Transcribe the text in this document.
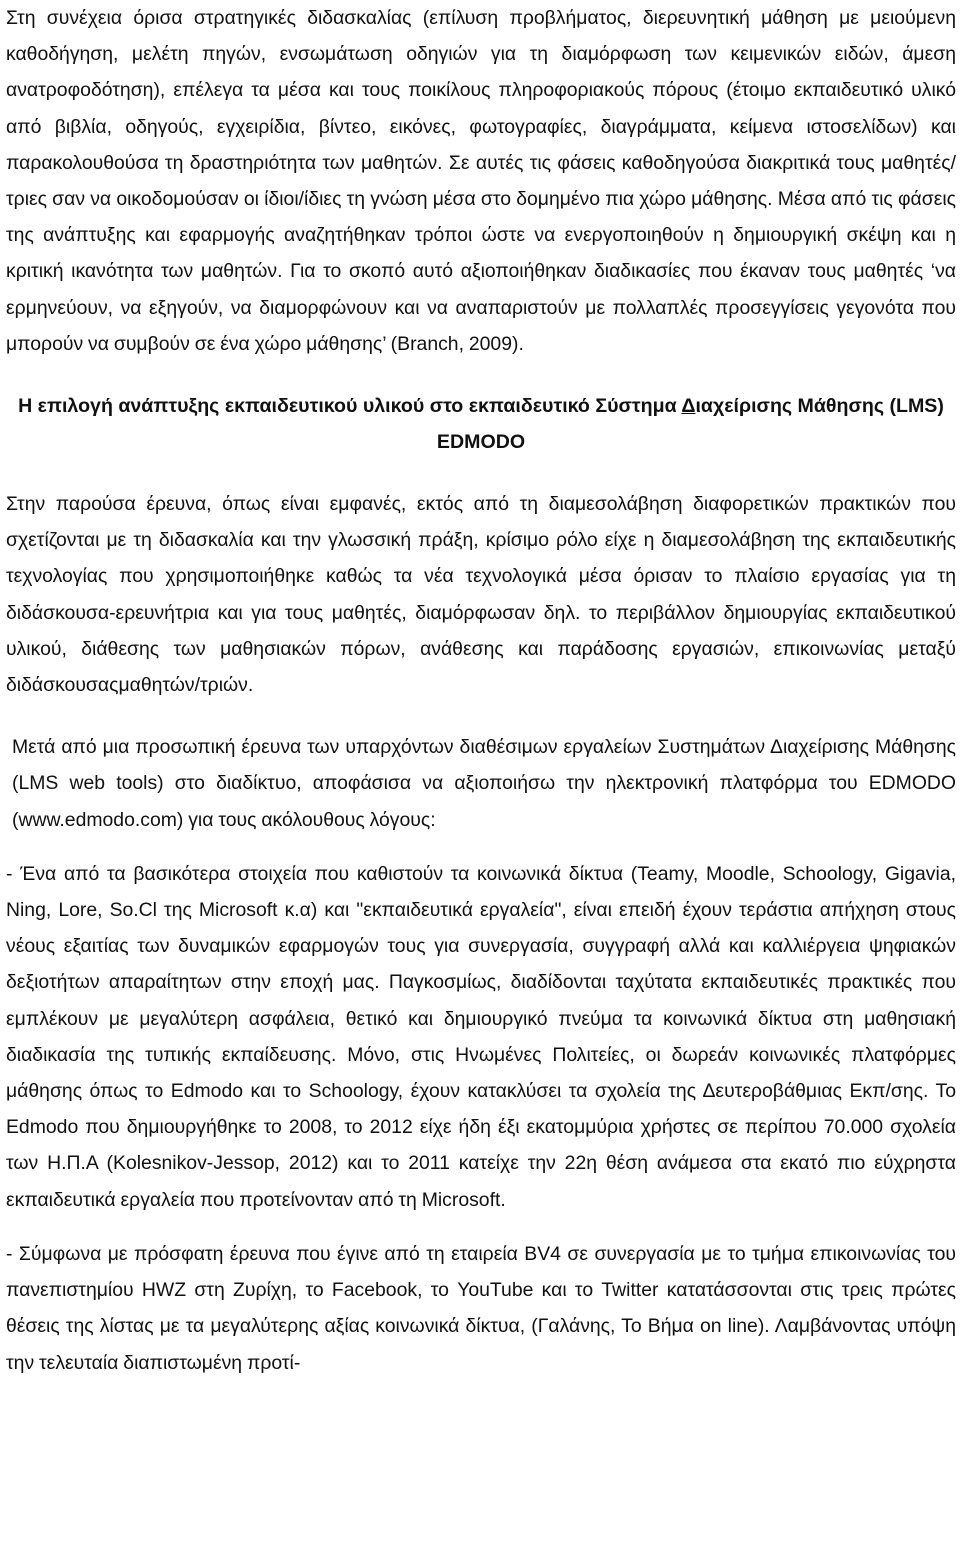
Στη συνέχεια όρισα στρατηγικές διδασκαλίας (επίλυση προβλήματος, διερευνητική μάθηση με μειούμενη καθοδήγηση, μελέτη πηγών, ενσωμάτωση οδηγιών για τη διαμόρφωση των κειμενικών ειδών, άμεση ανατροφοδότηση), επέλεγα τα μέσα και τους ποικίλους πληροφοριακούς πόρους (έτοιμο εκπαιδευτικό υλικό από βιβλία, οδηγούς, εγχειρίδια, βίντεο, εικόνες, φωτογραφίες, διαγράμματα, κείμενα ιστοσελίδων) και παρακολουθούσα τη δραστηριότητα των μαθητών. Σε αυτές τις φάσεις καθοδηγούσα διακριτικά τους μαθητές/τριες σαν να οικοδομούσαν οι ίδιοι/ίδιες τη γνώση μέσα στο δομημένο πια χώρο μάθησης. Μέσα από τις φάσεις της ανάπτυξης και εφαρμογής αναζητήθηκαν τρόποι ώστε να ενεργοποιηθούν η δημιουργική σκέψη και η κριτική ικανότητα των μαθητών. Για το σκοπό αυτό αξιοποιήθηκαν διαδικασίες που έκαναν τους μαθητές ‘να ερμηνεύουν, να εξηγούν, να διαμορφώνουν και να αναπαριστούν με πολλαπλές προσεγγίσεις γεγονότα που μπορούν να συμβούν σε ένα χώρο μάθησης’ (Branch, 2009).

Η επιλογή ανάπτυξης εκπαιδευτικού υλικού στο εκπαιδευτικό Σύστημα Διαχείρισης Μάθησης (LMS) EDMODO

Στην παρούσα έρευνα, όπως είναι εμφανές, εκτός από τη διαμεσολάβηση διαφορετικών πρακτικών που σχετίζονται με τη διδασκαλία και την γλωσσική πράξη, κρίσιμο ρόλο είχε η διαμεσολάβηση της εκπαιδευτικής τεχνολογίας που χρησιμοποιήθηκε καθώς τα νέα τεχνολογικά μέσα όρισαν το πλαίσιο εργασίας για τη διδάσκουσα-ερευνήτρια και για τους μαθητές, διαμόρφωσαν δηλ. το περιβάλλον δημιουργίας εκπαιδευτικού υλικού, διάθεσης των μαθησιακών πόρων, ανάθεσης και παράδοσης εργασιών, επικοινωνίας μεταξύ διδάσκουσαςμαθητών/τριών.

Μετά από μια προσωπική έρευνα των υπαρχόντων διαθέσιμων εργαλείων Συστημάτων Διαχείρισης Μάθησης (LMS web tools) στο διαδίκτυο, αποφάσισα να αξιοποιήσω την ηλεκτρονική πλατφόρμα του EDMODO (www.edmodo.com) για τους ακόλουθους λόγους:

- Ένα από τα βασικότερα στοιχεία που καθιστούν τα κοινωνικά δίκτυα (Teamy, Moodle, Schoology, Gigavia, Ning, Lore, So.Cl της Microsoft κ.α) και "εκπαιδευτικά εργαλεία", είναι επειδή έχουν τεράστια απήχηση στους νέους εξαιτίας των δυναμικών εφαρμογών τους για συνεργασία, συγγραφή αλλά και καλλιέργεια ψηφιακών δεξιοτήτων απαραίτητων στην εποχή μας. Παγκοσμίως, διαδίδονται ταχύτατα εκπαιδευτικές πρακτικές που εμπλέκουν με μεγαλύτερη ασφάλεια, θετικό και δημιουργικό πνεύμα τα κοινωνικά δίκτυα στη μαθησιακή διαδικασία της τυπικής εκπαίδευσης. Μόνο, στις Ηνωμένες Πολιτείες, οι δωρεάν κοινωνικές πλατφόρμες μάθησης όπως το Edmodo και το Schoology, έχουν κατακλύσει τα σχολεία της Δευτεροβάθμιας Εκπ/σης. Το Edmodo που δημιουργήθηκε το 2008, το 2012 είχε ήδη έξι εκατομμύρια χρήστες σε περίπου 70.000 σχολεία των Η.Π.Α (Kolesnikov-Jessop, 2012) και το 2011 κατείχε την 22η θέση ανάμεσα στα εκατό πιο εύχρηστα εκπαιδευτικά εργαλεία που προτείνονταν από τη Microsoft.

- Σύμφωνα με πρόσφατη έρευνα που έγινε από τη εταιρεία BV4 σε συνεργασία με το τμήμα επικοινωνίας του πανεπιστημίου HWZ στη Ζυρίχη, το Facebook, το YouTube και το Twitter κατατάσσονται στις τρεις πρώτες θέσεις της λίστας με τα μεγαλύτερης αξίας κοινωνικά δίκτυα, (Γαλάνης, Το Βήμα on line). Λαμβάνοντας υπόψη την τελευταία διαπιστωμένη προτί-
